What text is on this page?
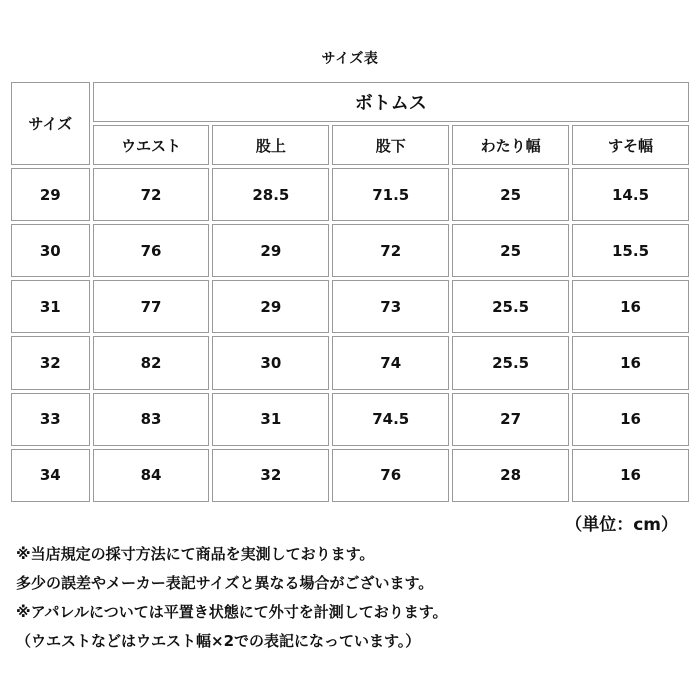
サイズ表
サイズ	ボトムス				
	ウエスト	股上	股下	わたり幅	すそ幅
29	72	28.5	71.5	25	14.5
30	76	29	72	25	15.5
31	77	29	73	25.5	16
32	82	30	74	25.5	16
33	83	31	74.5	27	16
34	84	32	76	28	16
（単位：cm）
※当店規定の採寸方法にて商品を実測しております。
多少の誤差やメーカー表記サイズと異なる場合がございます。
※アパレルについては平置き状態にて外寸を計測しております。
（ウエストなどはウエスト幅×2での表記になっています。）
